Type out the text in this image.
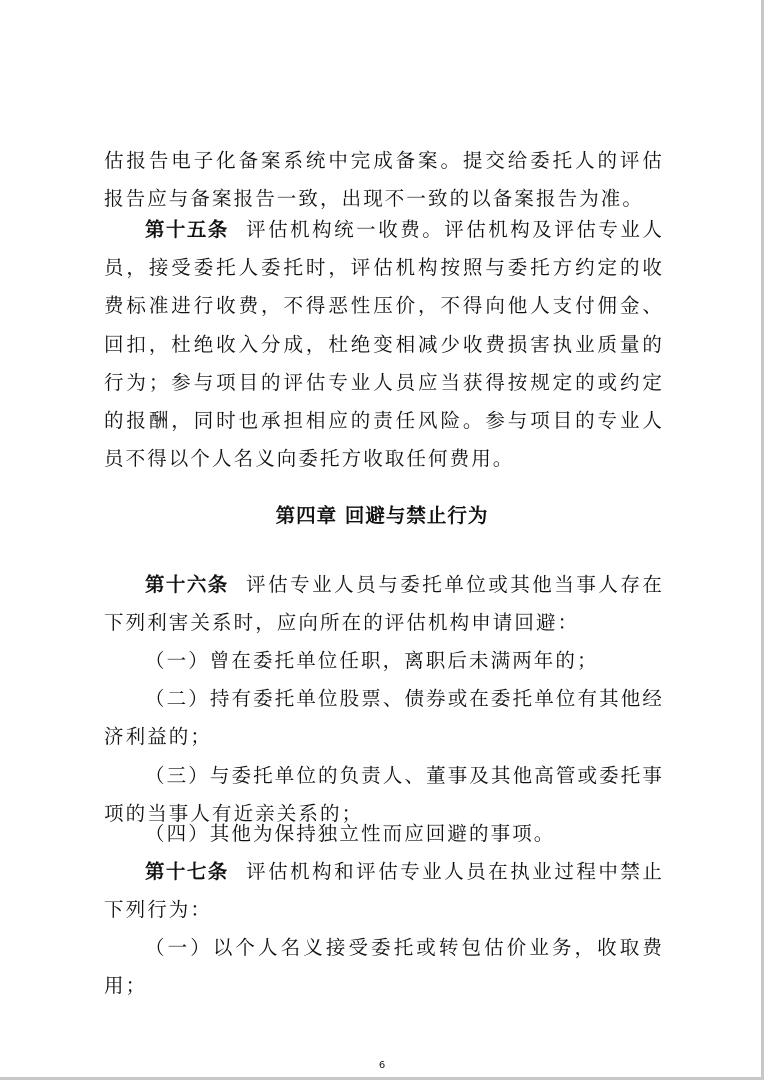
估报告电子化备案系统中完成备案。提交给委托人的评估报告应与备案报告一致，出现不一致的以备案报告为准。

第十五条 评估机构统一收费。评估机构及评估专业人员，接受委托人委托时，评估机构按照与委托方约定的收费标准进行收费，不得恶性压价，不得向他人支付佣金、回扣，杜绝收入分成，杜绝变相减少收费损害执业质量的行为；参与项目的评估专业人员应当获得按规定的或约定的报酬，同时也承担相应的责任风险。参与项目的专业人员不得以个人名义向委托方收取任何费用。

第四章 回避与禁止行为

第十六条 评估专业人员与委托单位或其他当事人存在下列利害关系时，应向所在的评估机构申请回避：

（一）曾在委托单位任职，离职后未满两年的；

（二）持有委托单位股票、债券或在委托单位有其他经济利益的；

（三）与委托单位的负责人、董事及其他高管或委托事项的当事人有近亲关系的；

（四）其他为保持独立性而应回避的事项。

第十七条 评估机构和评估专业人员在执业过程中禁止下列行为：

（一）以个人名义接受委托或转包估价业务，收取费用；

6
